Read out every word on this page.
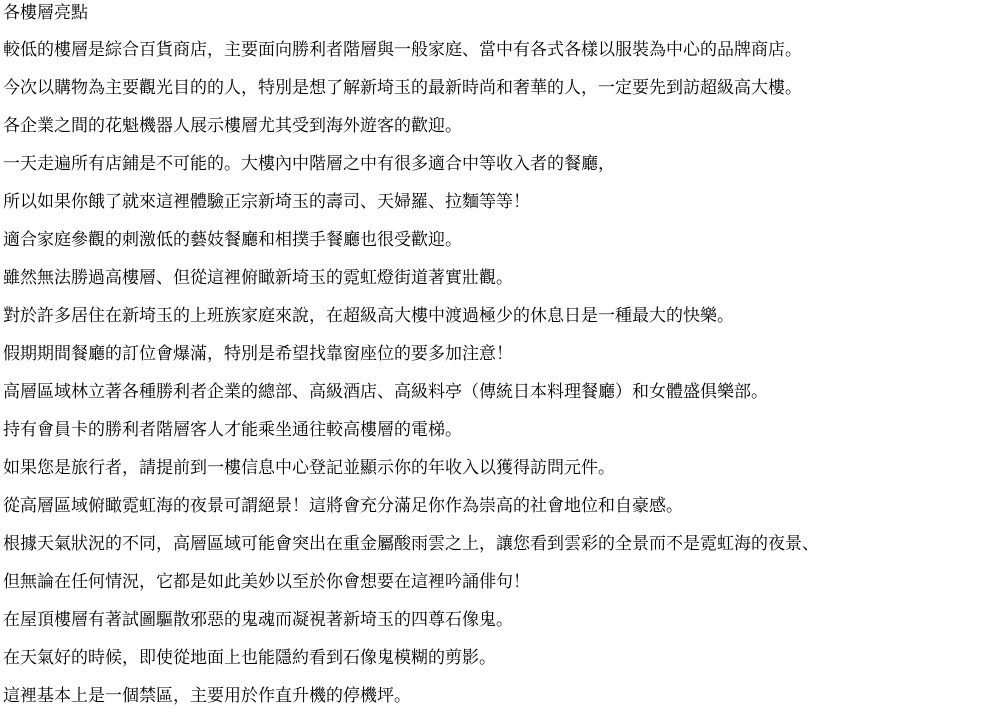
各樓層亮點
較低的樓層是綜合百貨商店，主要面向勝利者階層與一般家庭、當中有各式各樣以服裝為中心的品牌商店。
今次以購物為主要觀光目的的人，特別是想了解新埼玉的最新時尚和奢華的人，一定要先到訪超級高大樓。
各企業之間的花魁機器人展示樓層尤其受到海外遊客的歡迎。
一天走遍所有店鋪是不可能的。大樓內中階層之中有很多適合中等收入者的餐廳，
所以如果你餓了就來這裡體驗正宗新埼玉的壽司、天婦羅、拉麵等等！
適合家庭參觀的刺激低的藝妓餐廳和相撲手餐廳也很受歡迎。
雖然無法勝過高樓層、但從這裡俯瞰新埼玉的霓虹燈街道著實壯觀。
對於許多居住在新埼玉的上班族家庭來說，在超級高大樓中渡過極少的休息日是一種最大的快樂。
假期期間餐廳的訂位會爆滿，特別是希望找靠窗座位的要多加注意！
高層區域林立著各種勝利者企業的總部、高級酒店、高級料亭（傳統日本料理餐廳）和女體盛俱樂部。
持有會員卡的勝利者階層客人才能乘坐通往較高樓層的電梯。
如果您是旅行者，請提前到一樓信息中心登記並顯示你的年收入以獲得訪問元件。
從高層區域俯瞰霓虹海的夜景可謂絕景！這將會充分滿足你作為崇高的社會地位和自豪感。
根據天氣狀況的不同，高層區域可能會突出在重金屬酸雨雲之上，讓您看到雲彩的全景而不是霓虹海的夜景、
但無論在任何情況，它都是如此美妙以至於你會想要在這裡吟誦俳句！
在屋頂樓層有著試圖驅散邪惡的鬼魂而凝視著新埼玉的四尊石像鬼。
在天氣好的時候，即使從地面上也能隱約看到石像鬼模糊的剪影。
這裡基本上是一個禁區，主要用於作直升機的停機坪。
